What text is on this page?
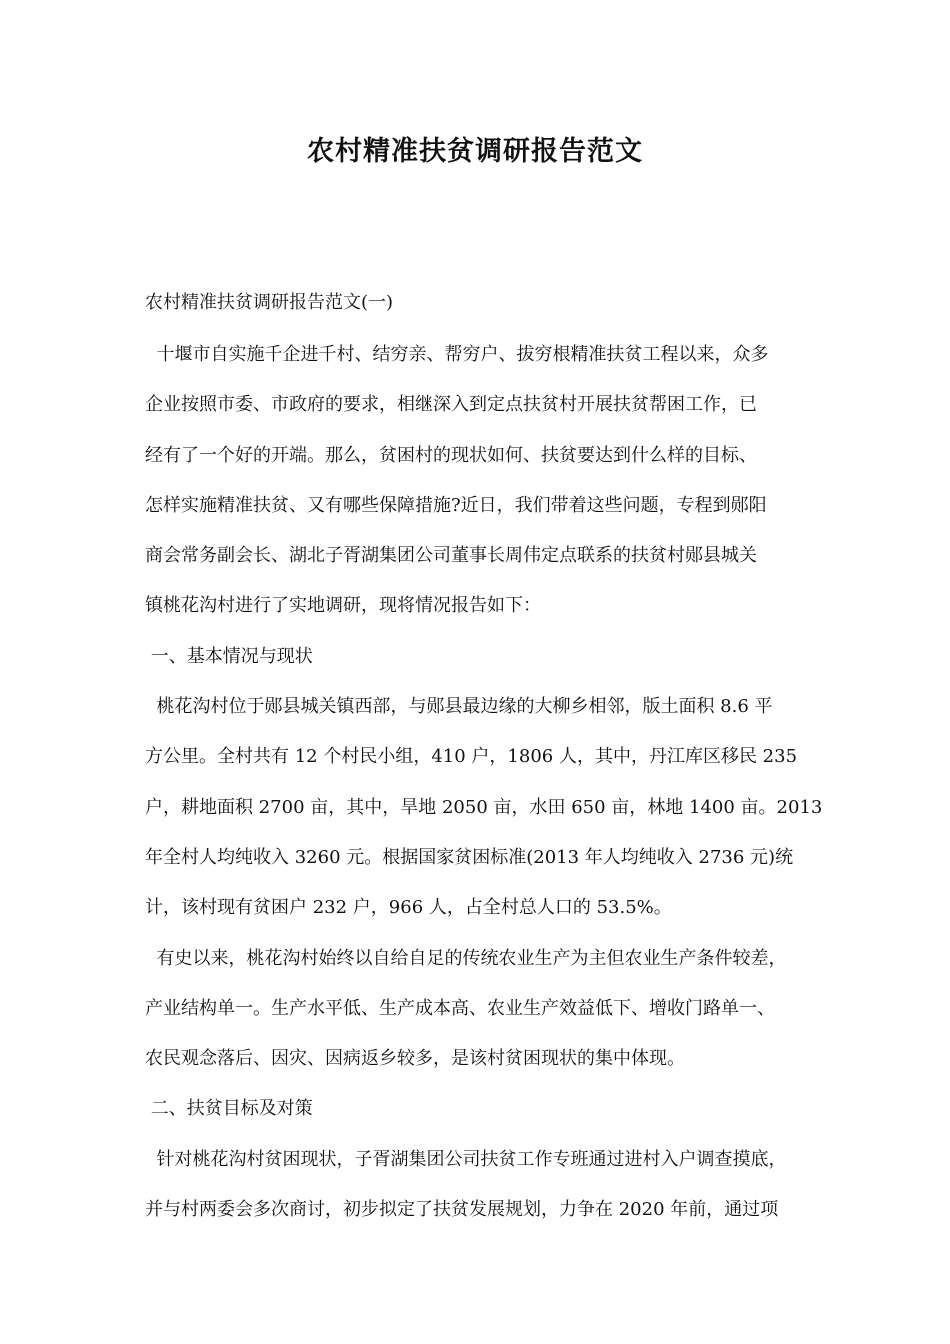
农村精准扶贫调研报告范文
农村精准扶贫调研报告范文(一)
十堰市自实施千企进千村、结穷亲、帮穷户、拔穷根精准扶贫工程以来，众多
企业按照市委、市政府的要求，相继深入到定点扶贫村开展扶贫帮困工作，已
经有了一个好的开端。那么，贫困村的现状如何、扶贫要达到什么样的目标、
怎样实施精准扶贫、又有哪些保障措施?近日，我们带着这些问题，专程到郧阳
商会常务副会长、湖北子胥湖集团公司董事长周伟定点联系的扶贫村郧县城关
镇桃花沟村进行了实地调研，现将情况报告如下：
一、基本情况与现状
桃花沟村位于郧县城关镇西部，与郧县最边缘的大柳乡相邻，版土面积 8.6 平
方公里。全村共有 12 个村民小组，410 户，1806 人，其中，丹江库区移民 235
户，耕地面积 2700 亩，其中，旱地 2050 亩，水田 650 亩，林地 1400 亩。2013
年全村人均纯收入 3260 元。根据国家贫困标准(2013 年人均纯收入 2736 元)统
计，该村现有贫困户 232 户，966 人，占全村总人口的 53.5%。
有史以来，桃花沟村始终以自给自足的传统农业生产为主但农业生产条件较差，
产业结构单一。生产水平低、生产成本高、农业生产效益低下、增收门路单一、
农民观念落后、因灾、因病返乡较多，是该村贫困现状的集中体现。
二、扶贫目标及对策
针对桃花沟村贫困现状，子胥湖集团公司扶贫工作专班通过进村入户调查摸底，
并与村两委会多次商讨，初步拟定了扶贫发展规划，力争在 2020 年前，通过项
